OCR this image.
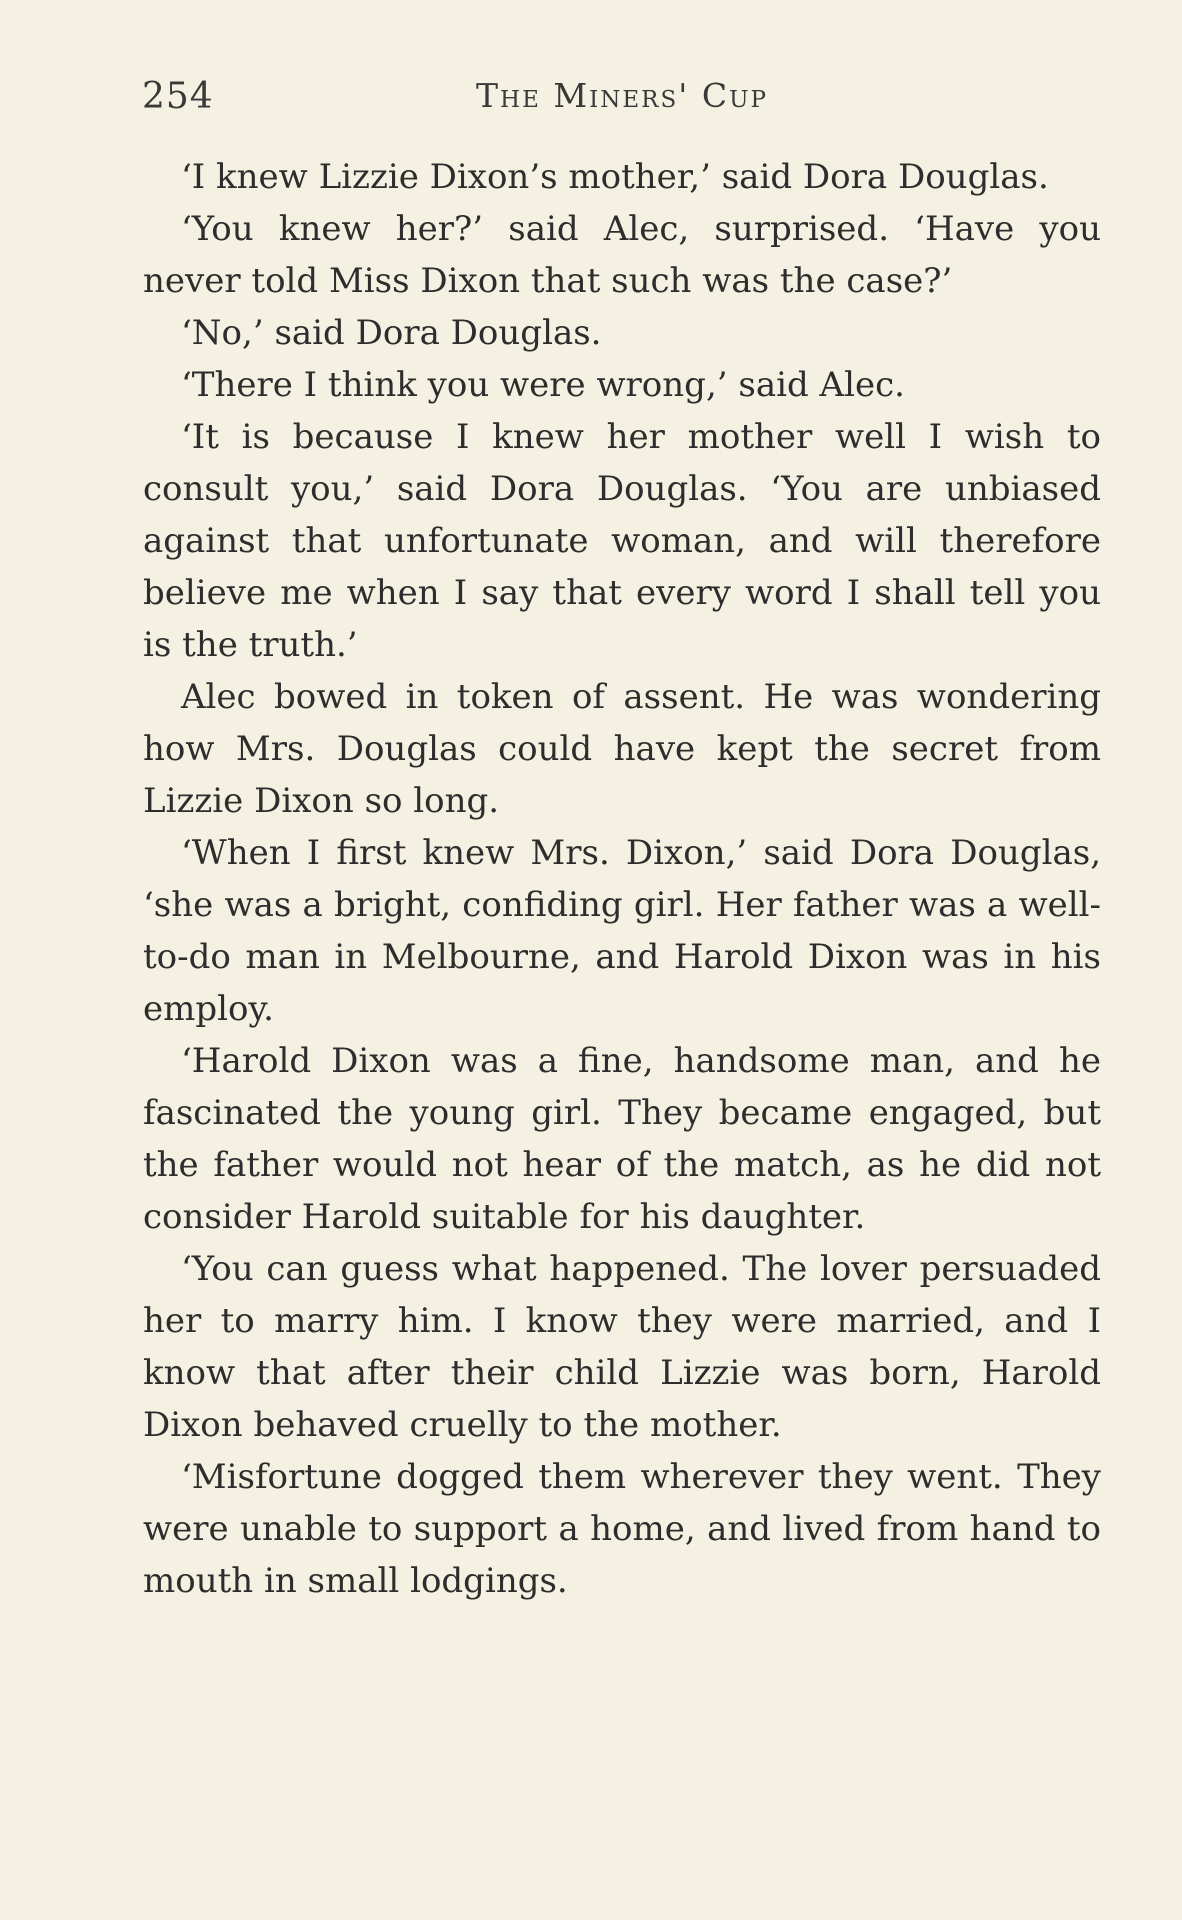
254	The Miners' Cup

‘I knew Lizzie Dixon’s mother,’ said Dora Douglas.

‘You knew her?’ said Alec, surprised. ‘Have you never told Miss Dixon that such was the case?’

‘No,’ said Dora Douglas.

‘There I think you were wrong,’ said Alec.

‘It is because I knew her mother well I wish to consult you,’ said Dora Douglas. ‘You are unbiased against that unfortunate woman, and will therefore believe me when I say that every word I shall tell you is the truth.’

Alec bowed in token of assent. He was wondering how Mrs. Douglas could have kept the secret from Lizzie Dixon so long.

‘When I first knew Mrs. Dixon,’ said Dora Douglas, ‘she was a bright, confiding girl. Her father was a well-to-do man in Melbourne, and Harold Dixon was in his employ.

‘Harold Dixon was a fine, handsome man, and he fascinated the young girl. They became engaged, but the father would not hear of the match, as he did not consider Harold suitable for his daughter.

‘You can guess what happened. The lover persuaded her to marry him. I know they were married, and I know that after their child Lizzie was born, Harold Dixon behaved cruelly to the mother.

‘Misfortune dogged them wherever they went. They were unable to support a home, and lived from hand to mouth in small lodgings.
